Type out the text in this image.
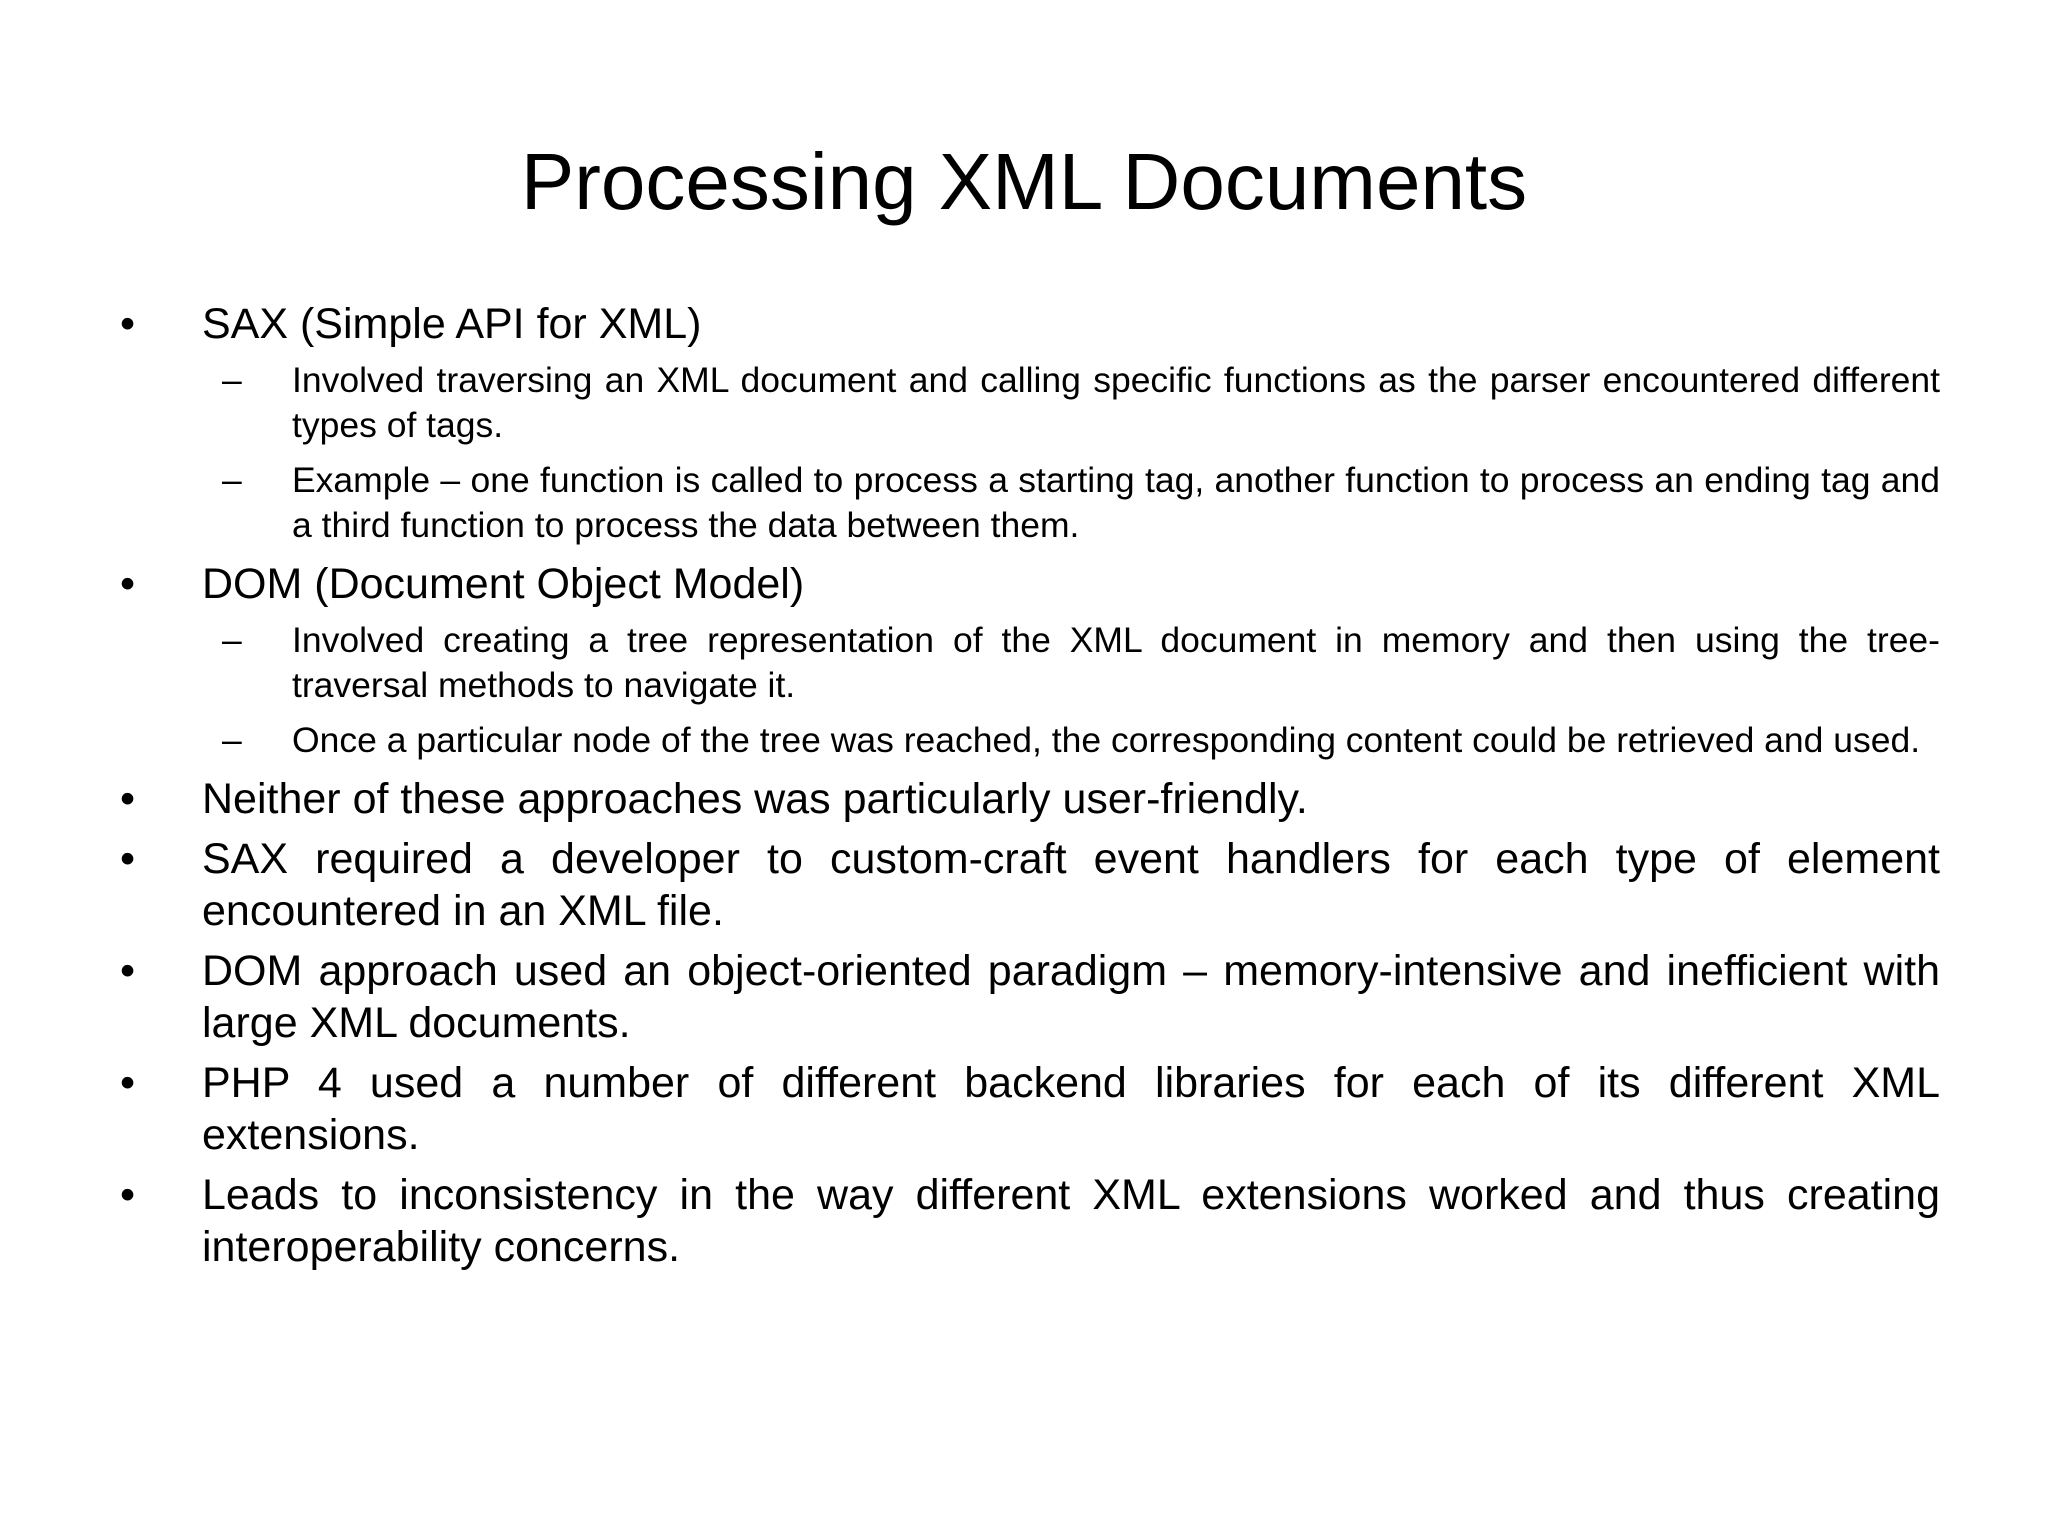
Processing XML Documents
• SAX (Simple API for XML)
– Involved traversing an XML document and calling specific functions as the parser encountered different types of tags.
– Example – one function is called to process a starting tag, another function to process an ending tag and a third function to process the data between them.
• DOM (Document Object Model)
– Involved creating a tree representation of the XML document in memory and then using the tree-traversal methods to navigate it.
– Once a particular node of the tree was reached, the corresponding content could be retrieved and used.
• Neither of these approaches was particularly user-friendly.
• SAX required a developer to custom-craft event handlers for each type of element encountered in an XML file.
• DOM approach used an object-oriented paradigm – memory-intensive and inefficient with large XML documents.
• PHP 4 used a number of different backend libraries for each of its different XML extensions.
• Leads to inconsistency in the way different XML extensions worked and thus creating interoperability concerns.
